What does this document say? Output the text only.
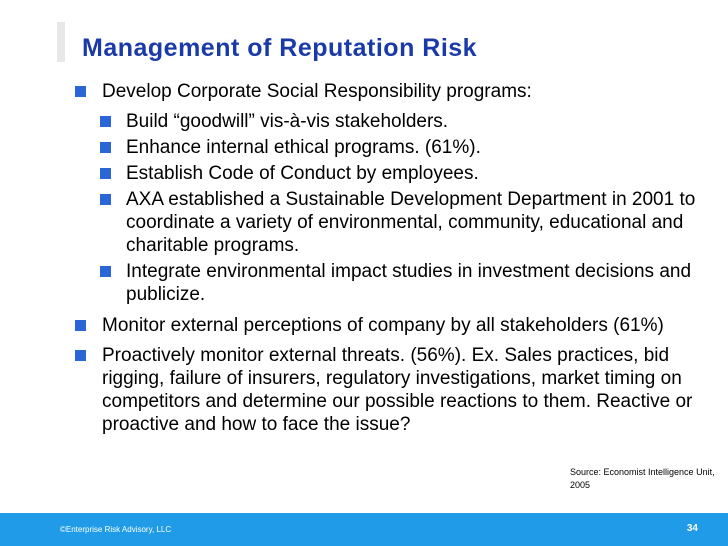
Management of Reputation Risk
Develop Corporate Social Responsibility programs:
Build “goodwill” vis-à-vis stakeholders.
Enhance internal ethical programs. (61%).
Establish Code of Conduct by employees.
AXA established a Sustainable Development Department in 2001 to coordinate a variety of environmental, community, educational and charitable programs.
Integrate environmental impact studies in investment decisions and publicize.
Monitor external perceptions of company by all stakeholders (61%)
Proactively monitor external threats. (56%). Ex. Sales practices, bid rigging, failure of insurers, regulatory investigations, market timing on competitors and determine our possible reactions to them. Reactive or proactive and how to face the issue?
Source: Economist Intelligence Unit, 2005
©Enterprise Risk Advisory, LLC	34
